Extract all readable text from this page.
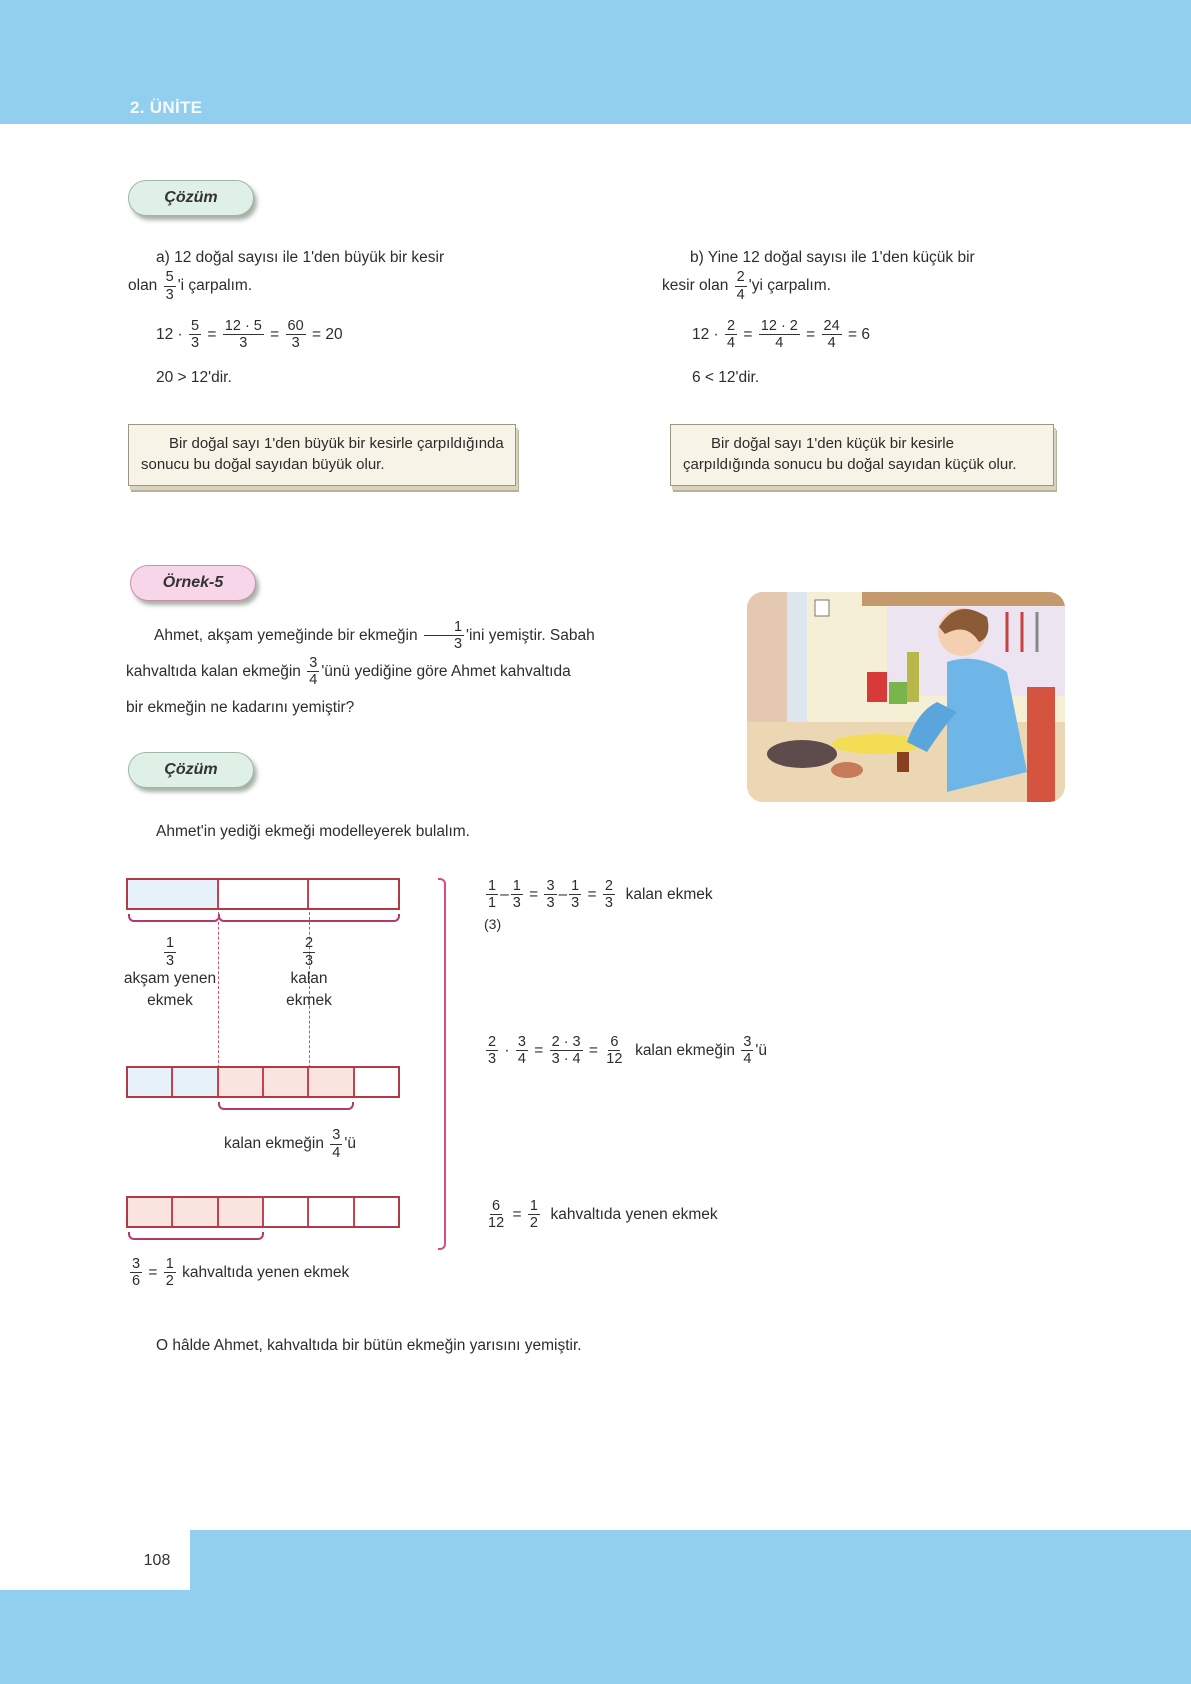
2. ÜNİTE
Çözüm
a) 12 doğal sayısı ile 1'den büyük bir kesir
olan $\frac{5}{3}$ 'i çarpalım.
$12 \cdot \frac{5}{3} = \frac{12 \cdot 5}{3} = \frac{60}{3} = 20$
20 > 12'dir.
Bir doğal sayı 1'den büyük bir kesirle çarpıldığında sonucu bu doğal sayıdan büyük olur.
b) Yine 12 doğal sayısı ile 1'den küçük bir
kesir olan $\frac{2}{4}$ 'yi çarpalım.
$12 \cdot \frac{2}{4} = \frac{12 \cdot 2}{4} = \frac{24}{4} = 6$
6 < 12'dir.
Bir doğal sayı 1'den küçük bir kesirle çarpıldığında sonucu bu doğal sayıdan küçük olur.
Örnek-5
Ahmet, akşam yemeğinde bir ekmeğin $\frac{1}{3}$ 'ini yemiştir. Sabah
kahvaltıda kalan ekmeğin $\frac{3}{4}$ 'ünü yediğine göre Ahmet kahvaltıda
bir ekmeğin ne kadarını yemiştir?
Çözüm
Ahmet'in yediği ekmeği modelleyerek bulalım.
$\frac{1}{3}$
akşam yenen
ekmek
$\frac{2}{3}$
kalan
ekmek
kalan ekmeğin $\frac{3}{4}$ 'ü
$\frac{3}{6} = \frac{1}{2}$ kahvaltıda yenen ekmek
$\frac{1}{1} - \frac{1}{3} = \frac{3}{3} - \frac{1}{3} = \frac{2}{3}$ kalan ekmek
(3)
$\frac{2}{3} \cdot \frac{3}{4} = \frac{2 \cdot 3}{3 \cdot 4} = \frac{6}{12}$ kalan ekmeğin $\frac{3}{4}$ 'ü
$\frac{6}{12} = \frac{1}{2}$ kahvaltıda yenen ekmek
O hâlde Ahmet, kahvaltıda bir bütün ekmeğin yarısını yemiştir.
108
